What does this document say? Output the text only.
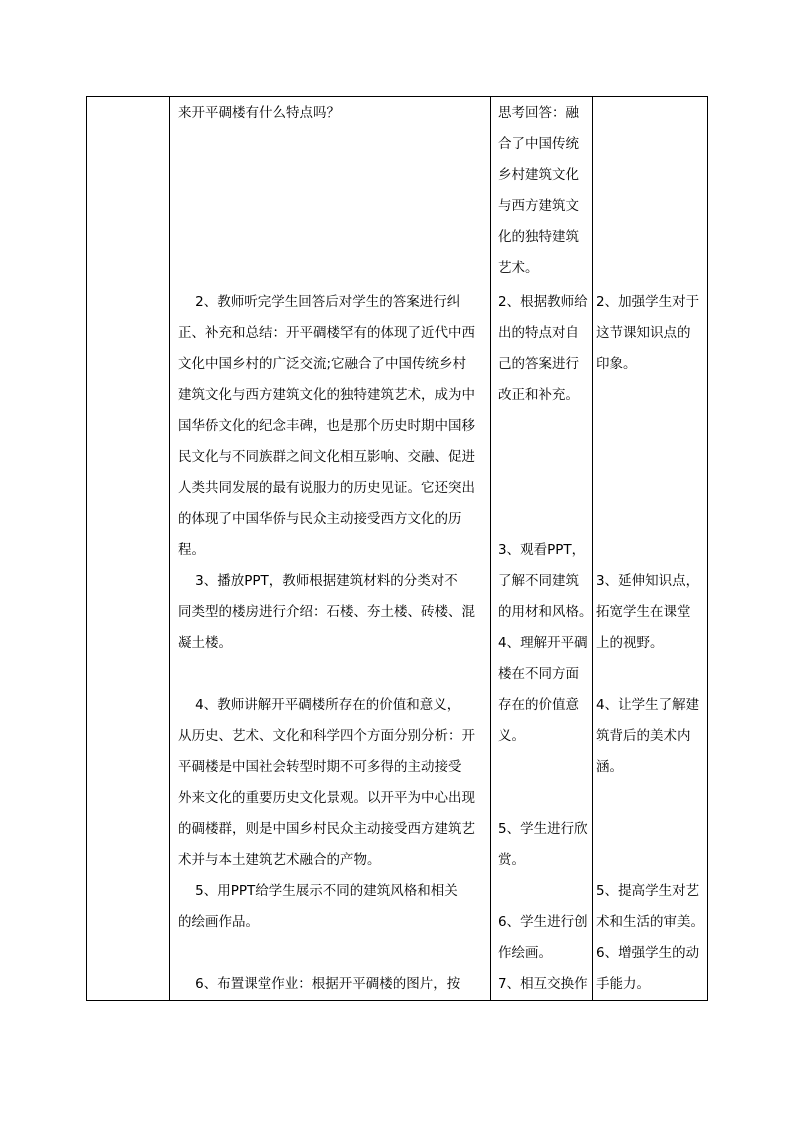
来开平碉楼有什么特点吗？
2、教师听完学生回答后对学生的答案进行纠
正、补充和总结：开平碉楼罕有的体现了近代中西
文化中国乡村的广泛交流;它融合了中国传统乡村
建筑文化与西方建筑文化的独特建筑艺术，成为中
国华侨文化的纪念丰碑，也是那个历史时期中国移
民文化与不同族群之间文化相互影响、交融、促进
人类共同发展的最有说服力的历史见证。它还突出
的体现了中国华侨与民众主动接受西方文化的历
程。
3、播放PPT，教师根据建筑材料的分类对不
同类型的楼房进行介绍：石楼、夯土楼、砖楼、混
凝土楼。
4、教师讲解开平碉楼所存在的价值和意义，
从历史、艺术、文化和科学四个方面分别分析：开
平碉楼是中国社会转型时期不可多得的主动接受
外来文化的重要历史文化景观。以开平为中心出现
的碉楼群，则是中国乡村民众主动接受西方建筑艺
术并与本土建筑艺术融合的产物。
5、用PPT给学生展示不同的建筑风格和相关
的绘画作品。
6、布置课堂作业：根据开平碉楼的图片，按
思考回答：融
合了中国传统
乡村建筑文化
与西方建筑文
化的独特建筑
艺术。
2、根据教师给
出的特点对自
己的答案进行
改正和补充。
3、观看PPT，
了解不同建筑
的用材和风格。
4、理解开平碉
楼在不同方面
存在的价值意
义。
5、学生进行欣
赏。
6、学生进行创
作绘画。
7、相互交换作
2、加强学生对于
这节课知识点的
印象。
3、延伸知识点，
拓宽学生在课堂
上的视野。
4、让学生了解建
筑背后的美术内
涵。
5、提高学生对艺
术和生活的审美。
6、增强学生的动
手能力。
